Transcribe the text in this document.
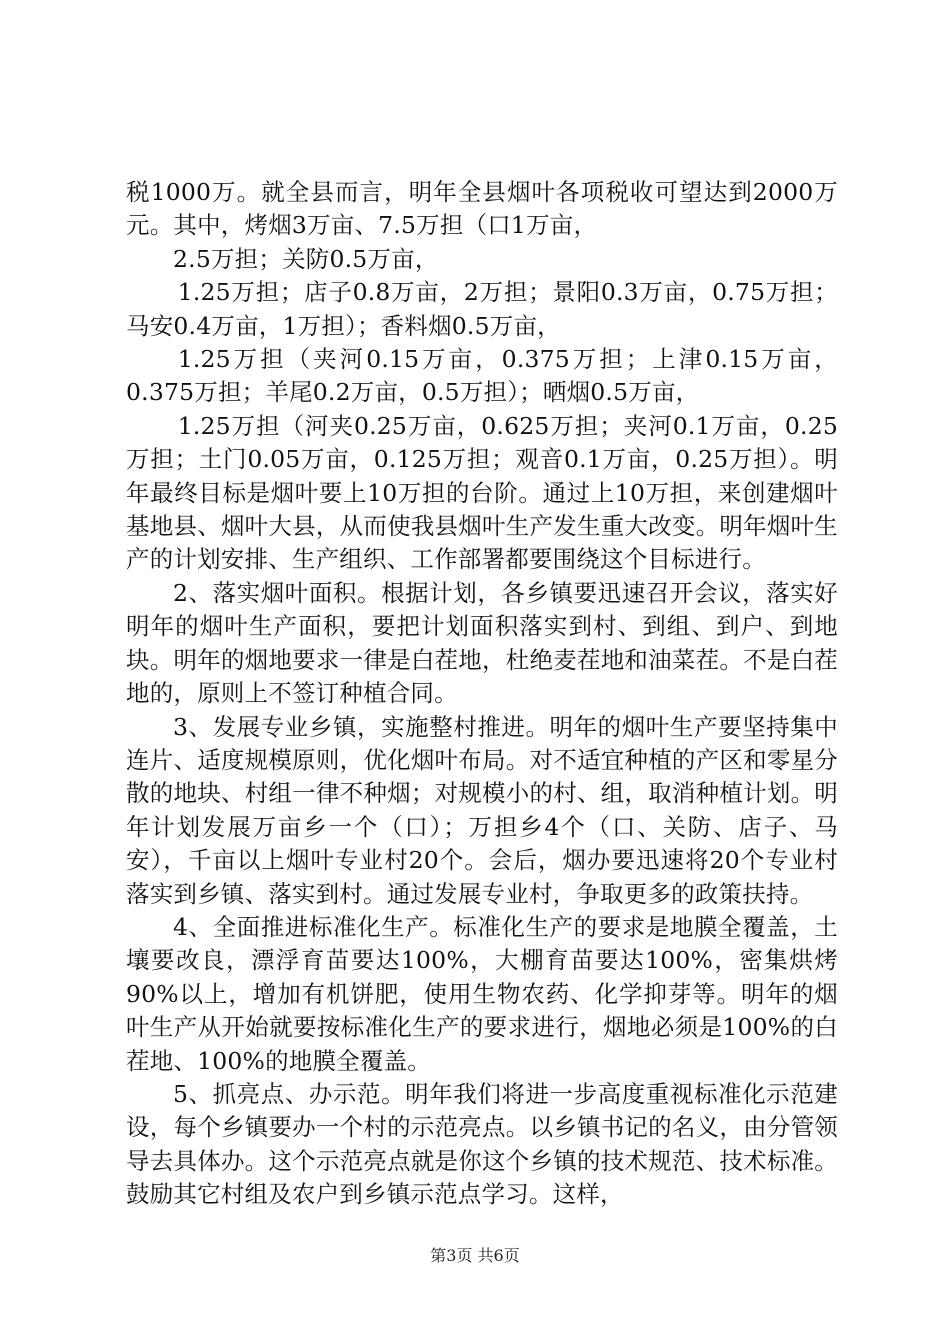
税1000万。就全县而言，明年全县烟叶各项税收可望达到2000万元。其中，烤烟3万亩、7.5万担（口1万亩，

2.5万担；关防0.5万亩，

1.25万担；店子0.8万亩，2万担；景阳0.3万亩，0.75万担；马安0.4万亩，1万担）；香料烟0.5万亩，

1.25万担（夹河0.15万亩，0.375万担；上津0.15万亩，0.375万担；羊尾0.2万亩，0.5万担）；晒烟0.5万亩，

1.25万担（河夹0.25万亩，0.625万担；夹河0.1万亩，0.25万担；土门0.05万亩，0.125万担；观音0.1万亩，0.25万担）。明年最终目标是烟叶要上10万担的台阶。通过上10万担，来创建烟叶基地县、烟叶大县，从而使我县烟叶生产发生重大改变。明年烟叶生产的计划安排、生产组织、工作部署都要围绕这个目标进行。

2、落实烟叶面积。根据计划，各乡镇要迅速召开会议，落实好明年的烟叶生产面积，要把计划面积落实到村、到组、到户、到地块。明年的烟地要求一律是白茬地，杜绝麦茬地和油菜茬。不是白茬地的，原则上不签订种植合同。

3、发展专业乡镇，实施整村推进。明年的烟叶生产要坚持集中连片、适度规模原则，优化烟叶布局。对不适宜种植的产区和零星分散的地块、村组一律不种烟；对规模小的村、组，取消种植计划。明年计划发展万亩乡一个（口）；万担乡4个（口、关防、店子、马安），千亩以上烟叶专业村20个。会后，烟办要迅速将20个专业村落实到乡镇、落实到村。通过发展专业村，争取更多的政策扶持。

4、全面推进标准化生产。标准化生产的要求是地膜全覆盖，土壤要改良，漂浮育苗要达100%，大棚育苗要达100%，密集烘烤90%以上，增加有机饼肥，使用生物农药、化学抑芽等。明年的烟叶生产从开始就要按标准化生产的要求进行，烟地必须是100%的白茬地、100%的地膜全覆盖。

5、抓亮点、办示范。明年我们将进一步高度重视标准化示范建设，每个乡镇要办一个村的示范亮点。以乡镇书记的名义，由分管领导去具体办。这个示范亮点就是你这个乡镇的技术规范、技术标准。鼓励其它村组及农户到乡镇示范点学习。这样，

第3页 共6页
